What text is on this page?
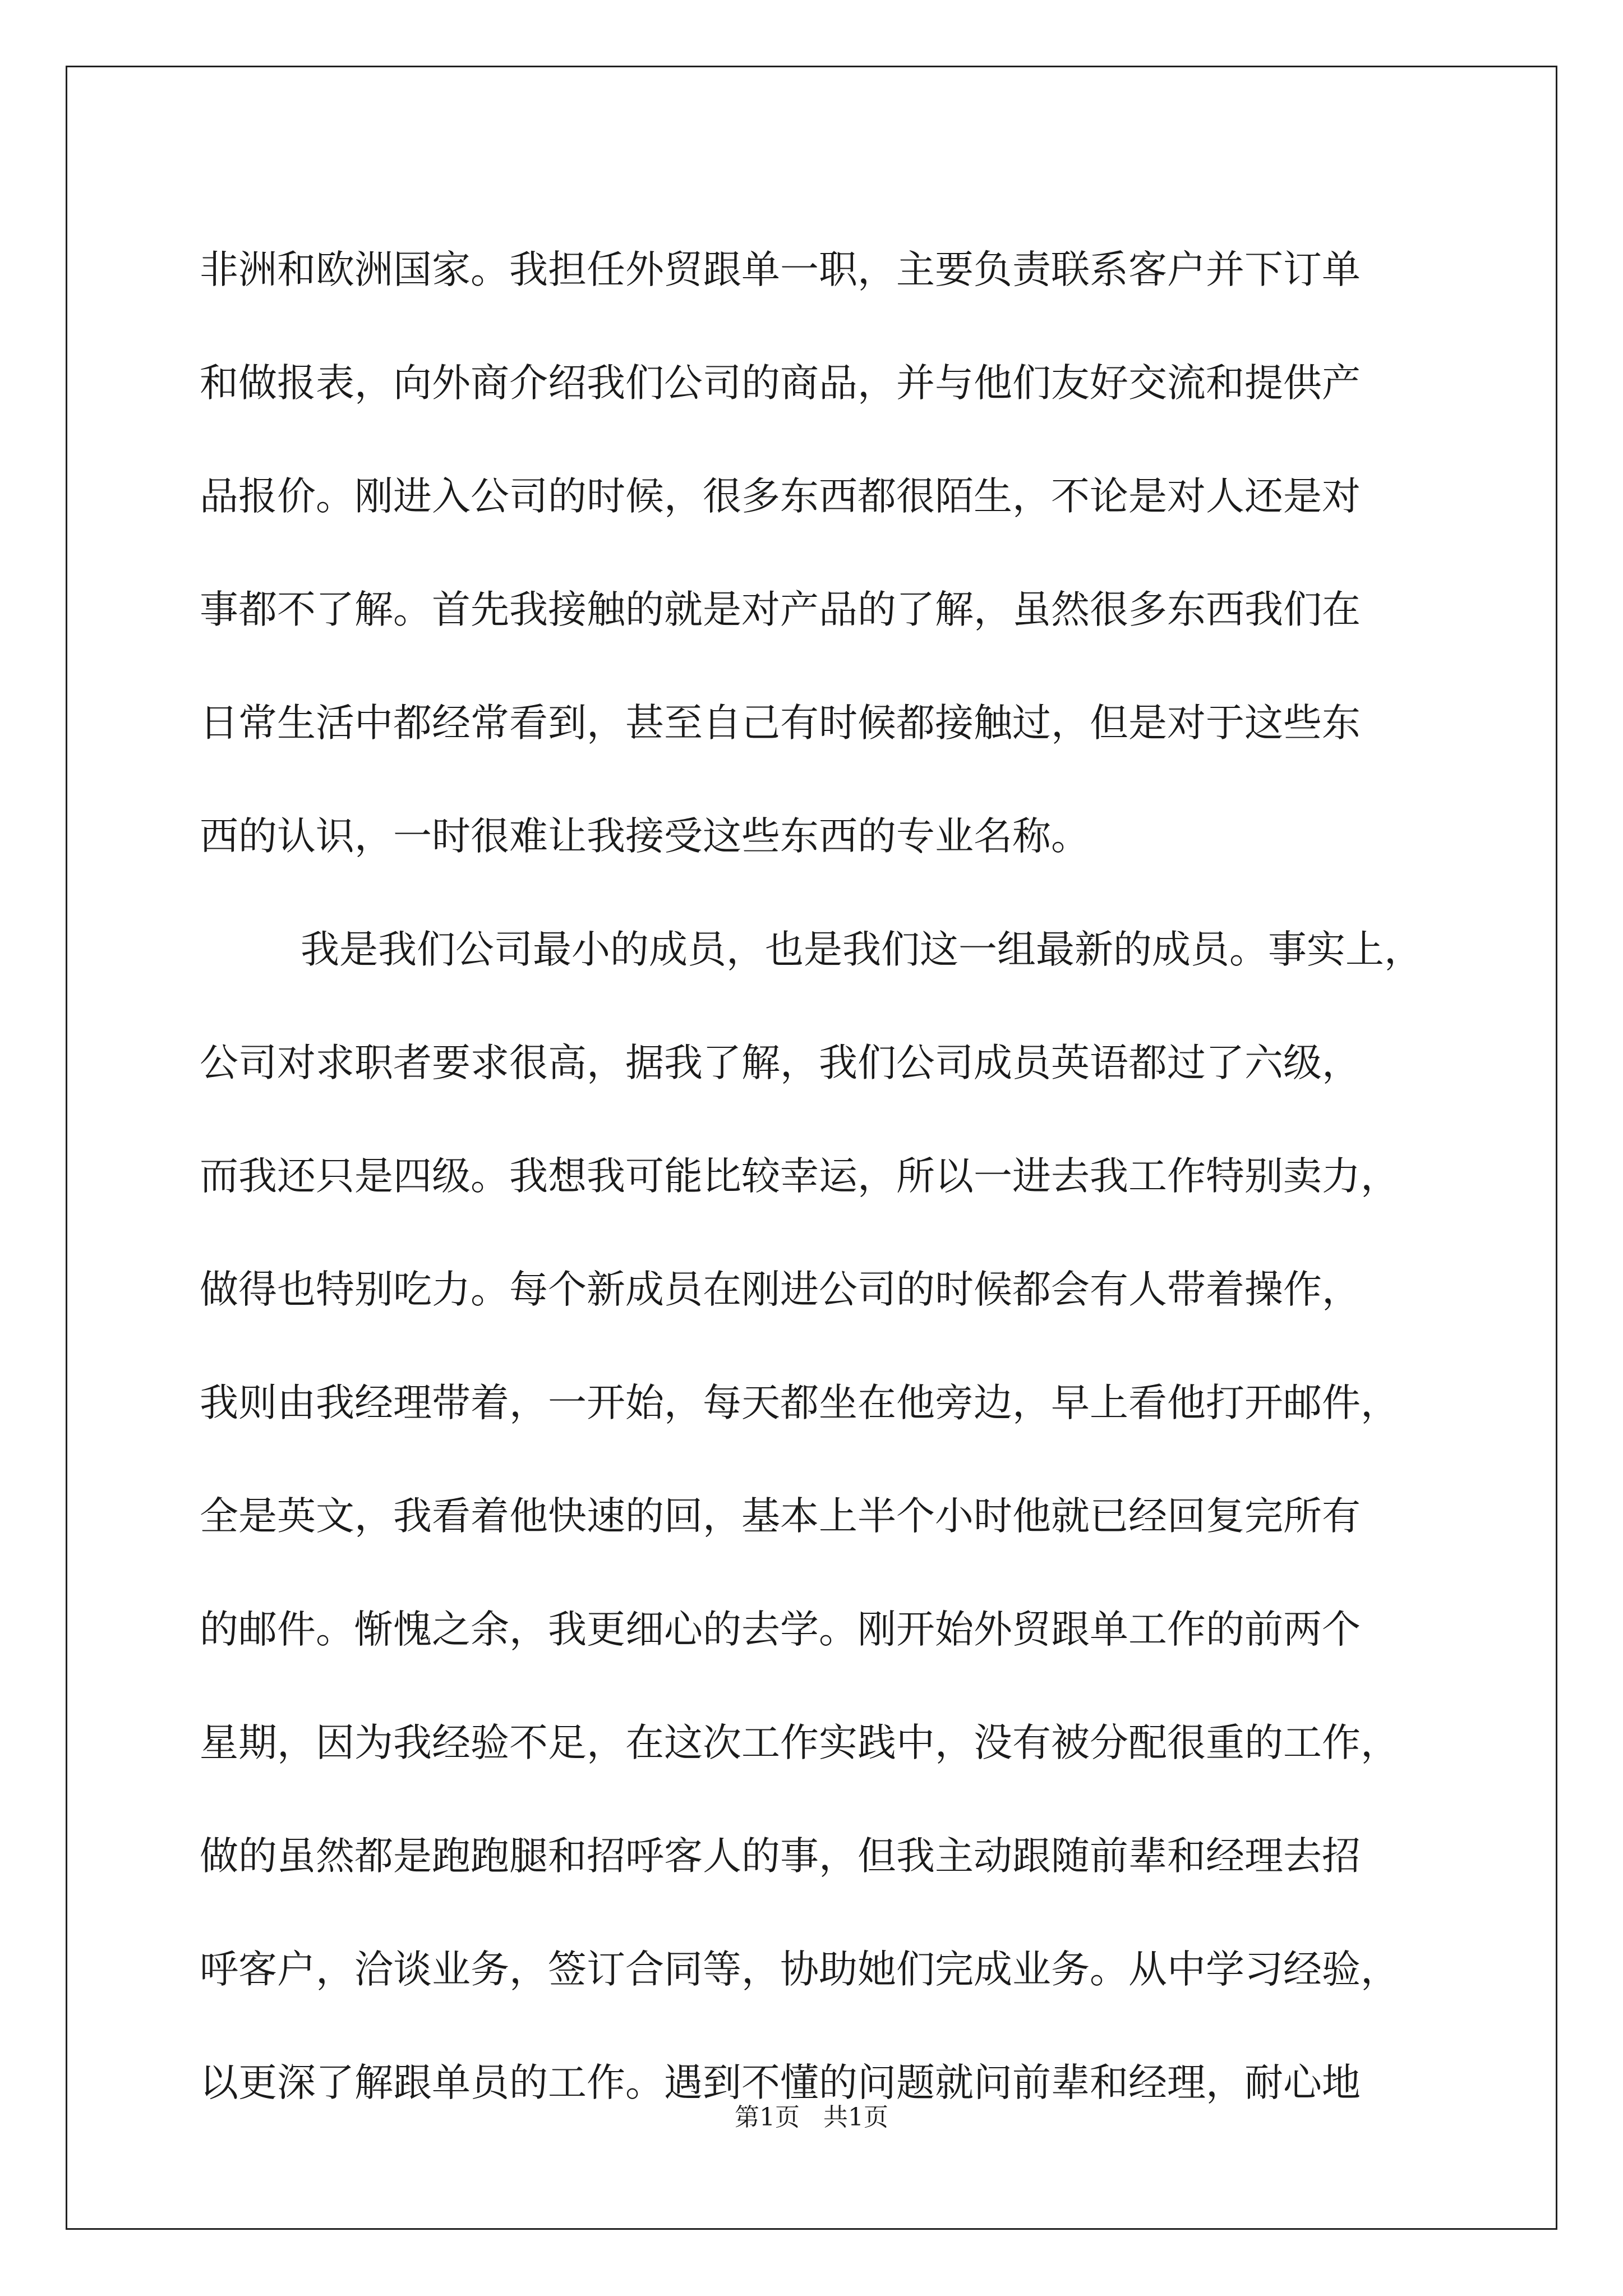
非洲和欧洲国家。我担任外贸跟单一职，主要负责联系客户并下订单

和做报表，向外商介绍我们公司的商品，并与他们友好交流和提供产

品报价。刚进入公司的时候，很多东西都很陌生，不论是对人还是对

事都不了解。首先我接触的就是对产品的了解，虽然很多东西我们在

日常生活中都经常看到，甚至自己有时候都接触过，但是对于这些东

西的认识，一时很难让我接受这些东西的专业名称。

我是我们公司最小的成员，也是我们这一组最新的成员。事实上，

公司对求职者要求很高，据我了解，我们公司成员英语都过了六级，

而我还只是四级。我想我可能比较幸运，所以一进去我工作特别卖力，

做得也特别吃力。每个新成员在刚进公司的时候都会有人带着操作，

我则由我经理带着，一开始，每天都坐在他旁边，早上看他打开邮件，

全是英文，我看着他快速的回，基本上半个小时他就已经回复完所有

的邮件。惭愧之余，我更细心的去学。刚开始外贸跟单工作的前两个

星期，因为我经验不足，在这次工作实践中，没有被分配很重的工作，

做的虽然都是跑跑腿和招呼客人的事，但我主动跟随前辈和经理去招

呼客户，洽谈业务，签订合同等，协助她们完成业务。从中学习经验，

以更深了解跟单员的工作。遇到不懂的问题就问前辈和经理，耐心地

第1页 共1页
